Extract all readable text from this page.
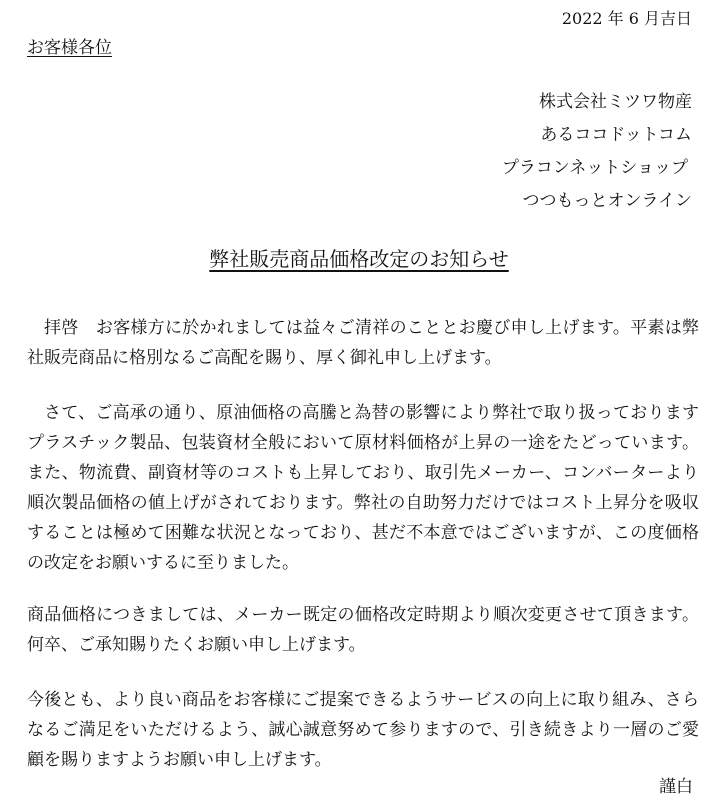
2022 年 6 月吉日
お客様各位
株式会社ミツワ物産
あるココドットコム
プラコンネットショップ
つつもっとオンライン
弊社販売商品価格改定のお知らせ

拝啓　お客様方に於かれましては益々ご清祥のこととお慶び申し上げます。平素は弊社販売商品に格別なるご高配を賜り、厚く御礼申し上げます。

さて、ご高承の通り、原油価格の高騰と為替の影響により弊社で取り扱っておりますプラスチック製品、包装資材全般において原材料価格が上昇の一途をたどっています。また、物流費、副資材等のコストも上昇しており、取引先メーカー、コンバーターより順次製品価格の値上げがされております。弊社の自助努力だけではコスト上昇分を吸収することは極めて困難な状況となっており、甚だ不本意ではございますが、この度価格の改定をお願いするに至りました。

商品価格につきましては、メーカー既定の価格改定時期より順次変更させて頂きます。何卒、ご承知賜りたくお願い申し上げます。

今後とも、より良い商品をお客様にご提案できるようサービスの向上に取り組み、さらなるご満足をいただけるよう、誠心誠意努めて参りますので、引き続きより一層のご愛顧を賜りますようお願い申し上げます。

謹白
